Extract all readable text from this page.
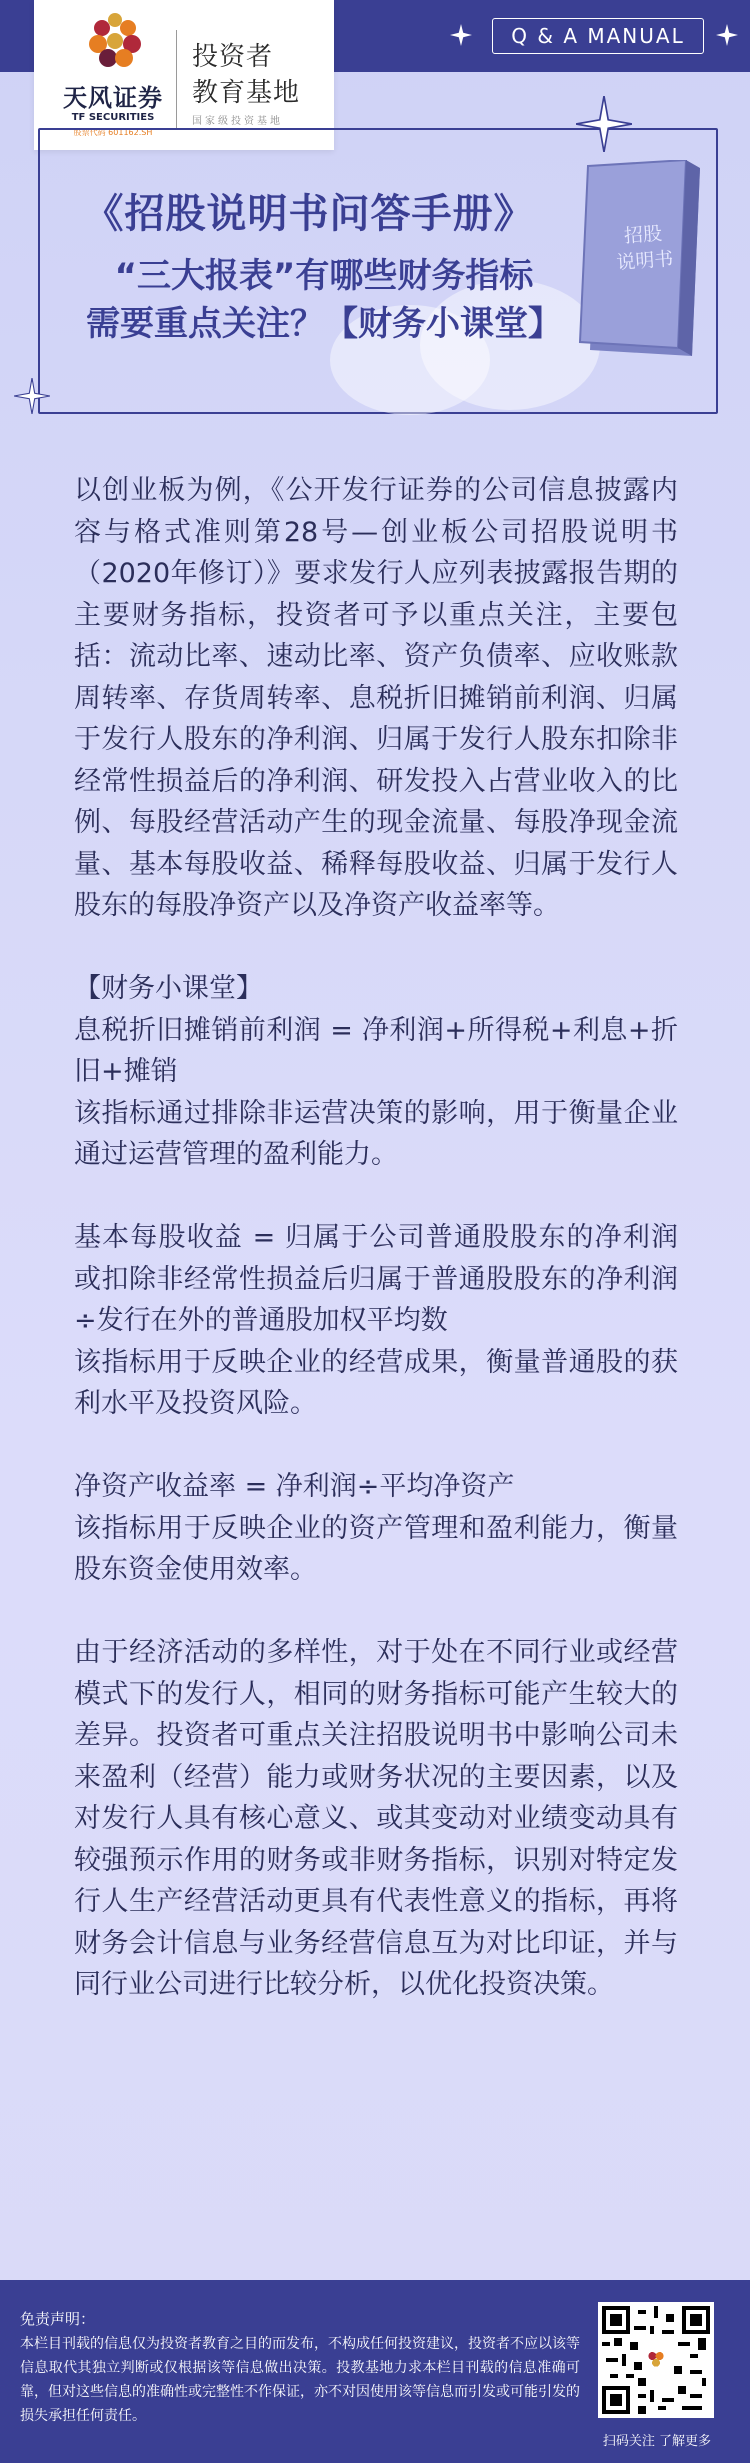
天风证券
TF SECURITIES
股票代码 601162.SH
投资者
教育基地
国家级投资基地
Q & A MANUAL
《招股说明书问答手册》
“三大报表”有哪些财务指标
需要重点关注？【财务小课堂】
招股
说明书

以创业板为例，《公开发行证券的公司信息披露内容与格式准则第28号—创业板公司招股说明书（2020年修订）》要求发行人应列表披露报告期的主要财务指标，投资者可予以重点关注，主要包括：流动比率、速动比率、资产负债率、应收账款周转率、存货周转率、息税折旧摊销前利润、归属于发行人股东的净利润、归属于发行人股东扣除非经常性损益后的净利润、研发投入占营业收入的比例、每股经营活动产生的现金流量、每股净现金流量、基本每股收益、稀释每股收益、归属于发行人股东的每股净资产以及净资产收益率等。

【财务小课堂】

息税折旧摊销前利润 = 净利润+所得税+利息+折旧+摊销

该指标通过排除非运营决策的影响，用于衡量企业通过运营管理的盈利能力。

基本每股收益 = 归属于公司普通股股东的净利润或扣除非经常性损益后归属于普通股股东的净利润÷发行在外的普通股加权平均数

该指标用于反映企业的经营成果，衡量普通股的获利水平及投资风险。

净资产收益率 = 净利润÷平均净资产

该指标用于反映企业的资产管理和盈利能力，衡量股东资金使用效率。

由于经济活动的多样性，对于处在不同行业或经营模式下的发行人，相同的财务指标可能产生较大的差异。投资者可重点关注招股说明书中影响公司未来盈利（经营）能力或财务状况的主要因素，以及对发行人具有核心意义、或其变动对业绩变动具有较强预示作用的财务或非财务指标，识别对特定发行人生产经营活动更具有代表性意义的指标，再将财务会计信息与业务经营信息互为对比印证，并与同行业公司进行比较分析，以优化投资决策。

免责声明：
本栏目刊载的信息仅为投资者教育之目的而发布，不构成任何投资建议，投资者不应以该等信息取代其独立判断或仅根据该等信息做出决策。投教基地力求本栏目刊载的信息准确可靠，但对这些信息的准确性或完整性不作保证，亦不对因使用该等信息而引发或可能引发的损失承担任何责任。
扫码关注 了解更多
